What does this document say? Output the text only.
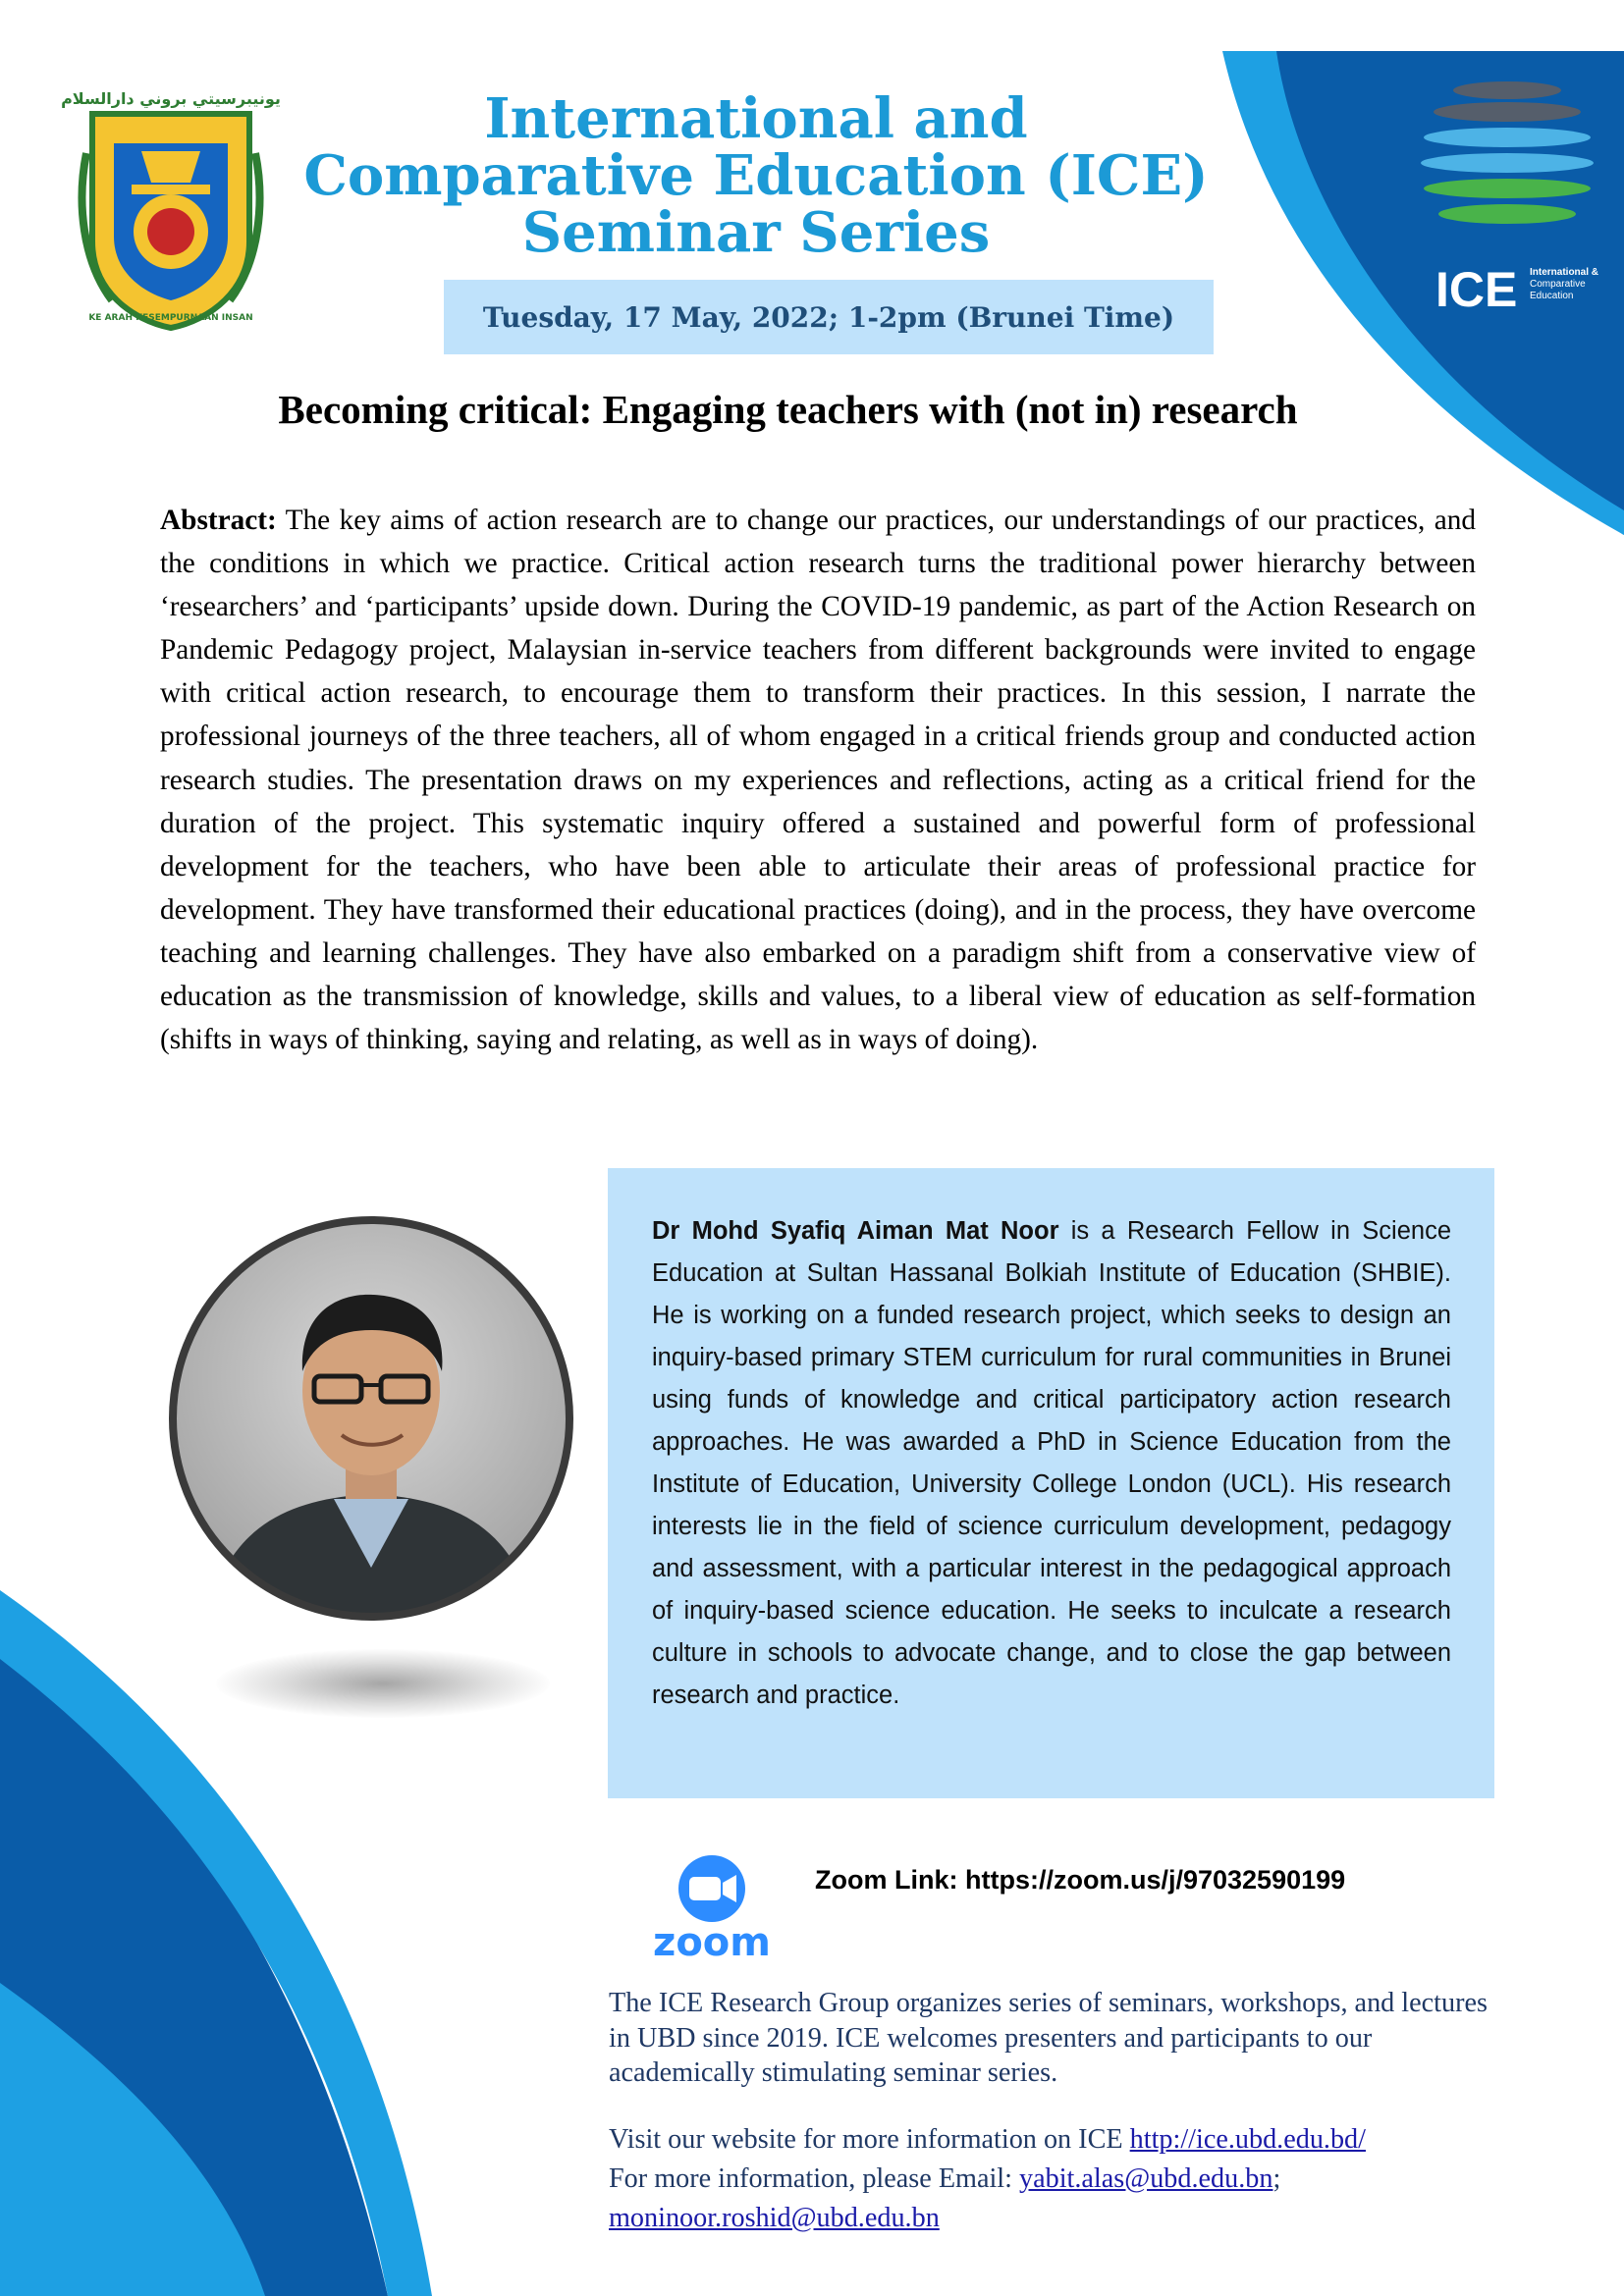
يونيبرسيتي بروني دارالسلام
KE ARAH KESEMPURNAAN INSAN
International and
Comparative Education (ICE)
Seminar Series
Tuesday, 17 May, 2022; 1-2pm (Brunei Time)	ICE International &
Comparative
Education
Becoming critical: Engaging teachers with (not in) research
Abstract: The key aims of action research are to change our practices, our understandings of our practices, and the conditions in which we practice. Critical action research turns the traditional power hierarchy between ‘researchers’ and ‘participants’ upside down. During the COVID-19 pandemic, as part of the Action Research on Pandemic Pedagogy project, Malaysian in-service teachers from different backgrounds were invited to engage with critical action research, to encourage them to transform their practices. In this session, I narrate the professional journeys of the three teachers, all of whom engaged in a critical friends group and conducted action research studies. The presentation draws on my experiences and reflections, acting as a critical friend for the duration of the project. This systematic inquiry offered a sustained and powerful form of professional development for the teachers, who have been able to articulate their areas of professional practice for development. They have transformed their educational practices (doing), and in the process, they have overcome teaching and learning challenges. They have also embarked on a paradigm shift from a conservative view of education as the transmission of knowledge, skills and values, to a liberal view of education as self-formation (shifts in ways of thinking, saying and relating, as well as in ways of doing).
Dr Mohd Syafiq Aiman Mat Noor is a Research Fellow in Science Education at Sultan Hassanal Bolkiah Institute of Education (SHBIE). He is working on a funded research project, which seeks to design an inquiry-based primary STEM curriculum for rural communities in Brunei using funds of knowledge and critical participatory action research approaches. He was awarded a PhD in Science Education from the Institute of Education, University College London (UCL). His research interests lie in the field of science curriculum development, pedagogy and assessment, with a particular interest in the pedagogical approach of inquiry-based science education. He seeks to inculcate a research culture in schools to advocate change, and to close the gap between research and practice.
zoom
Zoom Link: https://zoom.us/j/97032590199
The ICE Research Group organizes series of seminars, workshops, and lectures in UBD since 2019. ICE welcomes presenters and participants to our academically stimulating seminar series.
Visit our website for more information on ICE http://ice.ubd.edu.bd/
For more information, please Email: yabit.alas@ubd.edu.bn;
moninoor.roshid@ubd.edu.bn
